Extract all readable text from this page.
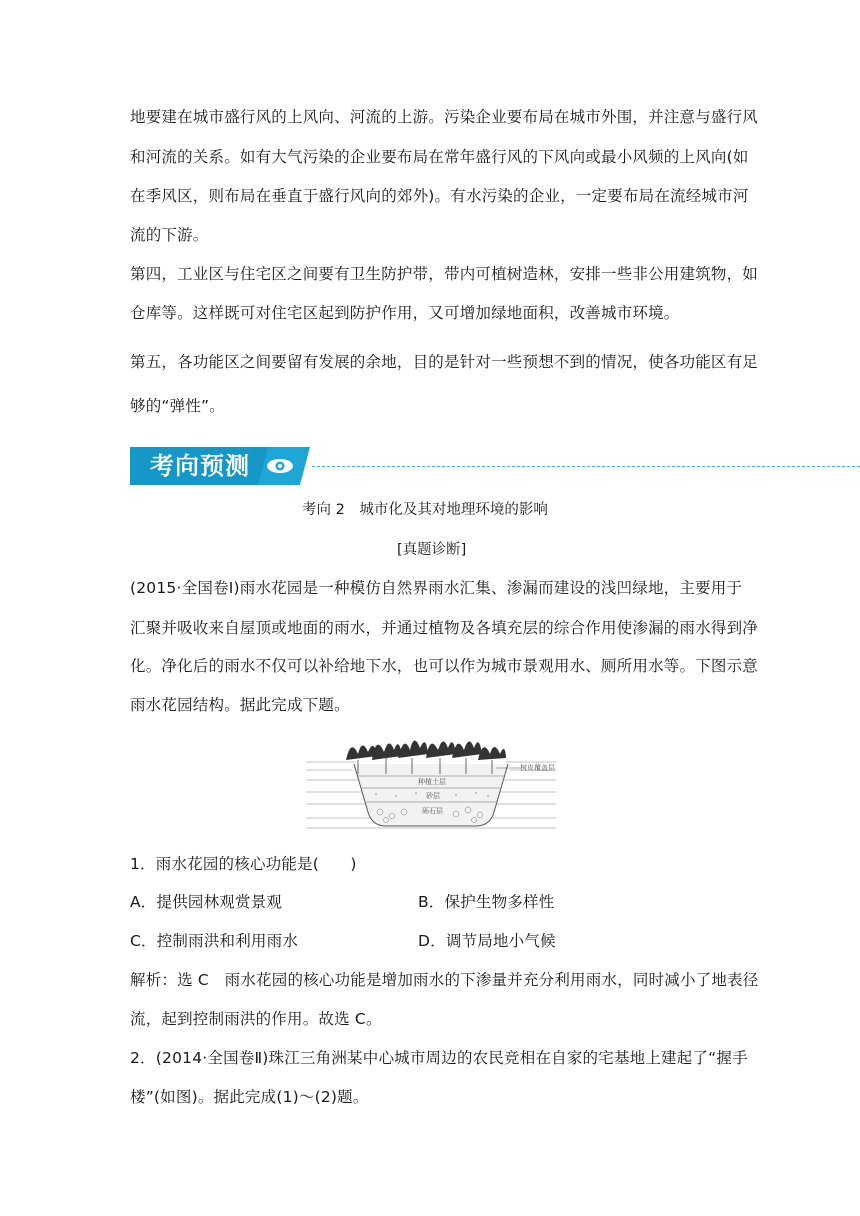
地要建在城市盛行风的上风向、河流的上游。污染企业要布局在城市外围，并注意与盛行风
和河流的关系。如有大气污染的企业要布局在常年盛行风的下风向或最小风频的上风向(如
在季风区，则布局在垂直于盛行风向的郊外)。有水污染的企业，一定要布局在流经城市河
流的下游。
第四，工业区与住宅区之间要有卫生防护带，带内可植树造林，安排一些非公用建筑物，如
仓库等。这样既可对住宅区起到防护作用，又可增加绿地面积，改善城市环境。
第五，各功能区之间要留有发展的余地，目的是针对一些预想不到的情况，使各功能区有足
够的“弹性”。
考向预测
考向 2　城市化及其对地理环境的影响
[真题诊断]
(2015·全国卷Ⅰ)雨水花园是一种模仿自然界雨水汇集、渗漏而建设的浅凹绿地，主要用于
汇聚并吸收来自屋顶或地面的雨水，并通过植物及各填充层的综合作用使渗漏的雨水得到净
化。净化后的雨水不仅可以补给地下水，也可以作为城市景观用水、厕所用水等。下图示意
雨水花园结构。据此完成下题。
树皮覆盖层
种植土层
砂层
砾石层
1．雨水花园的核心功能是(　　)
A．提供园林观赏景观	B．保护生物多样性
C．控制雨洪和利用雨水	D．调节局地小气候
解析：选 C　雨水花园的核心功能是增加雨水的下渗量并充分利用雨水，同时减小了地表径
流，起到控制雨洪的作用。故选 C。
2．(2014·全国卷Ⅱ)珠江三角洲某中心城市周边的农民竞相在自家的宅基地上建起了“握手
楼”(如图)。据此完成(1)～(2)题。
